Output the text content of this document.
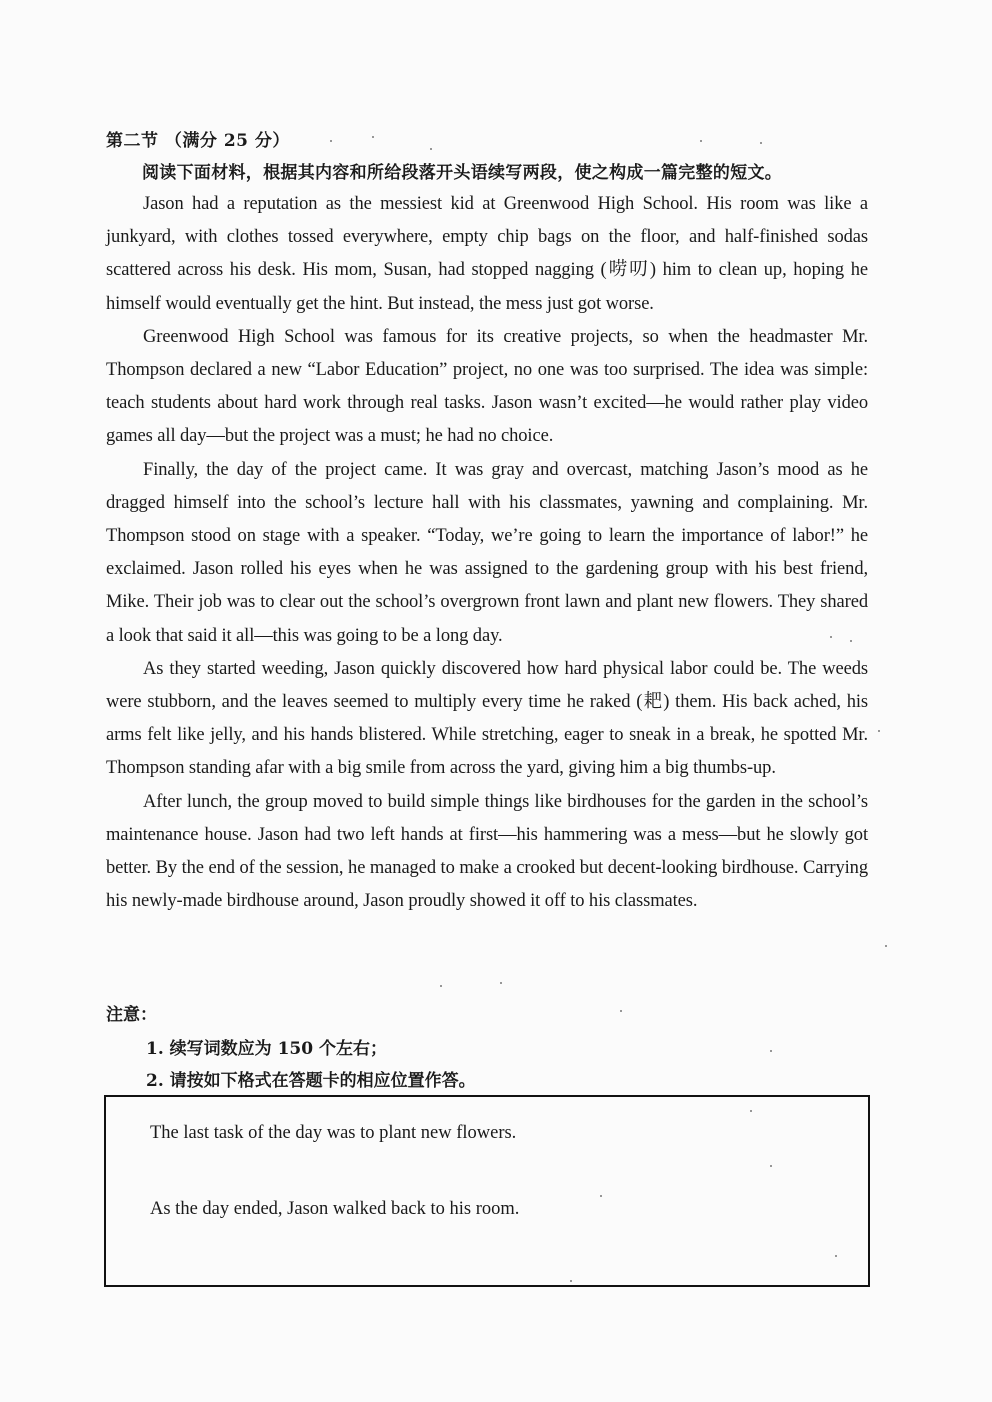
第二节 （满分 25 分）
阅读下面材料，根据其内容和所给段落开头语续写两段，使之构成一篇完整的短文。

Jason had a reputation as the messiest kid at Greenwood High School. His room was like a junkyard, with clothes tossed everywhere, empty chip bags on the floor, and half-finished sodas scattered across his desk. His mom, Susan, had stopped nagging (唠叨) him to clean up, hoping he himself would eventually get the hint. But instead, the mess just got worse.

Greenwood High School was famous for its creative projects, so when the headmaster Mr. Thompson declared a new “Labor Education” project, no one was too surprised. The idea was simple: teach students about hard work through real tasks. Jason wasn’t excited—he would rather play video games all day—but the project was a must; he had no choice.

Finally, the day of the project came. It was gray and overcast, matching Jason’s mood as he dragged himself into the school’s lecture hall with his classmates, yawning and complaining. Mr. Thompson stood on stage with a speaker. “Today, we’re going to learn the importance of labor!” he exclaimed. Jason rolled his eyes when he was assigned to the gardening group with his best friend, Mike. Their job was to clear out the school’s overgrown front lawn and plant new flowers. They shared a look that said it all—this was going to be a long day.

As they started weeding, Jason quickly discovered how hard physical labor could be. The weeds were stubborn, and the leaves seemed to multiply every time he raked (耙) them. His back ached, his arms felt like jelly, and his hands blistered. While stretching, eager to sneak in a break, he spotted Mr. Thompson standing afar with a big smile from across the yard, giving him a big thumbs-up.

After lunch, the group moved to build simple things like birdhouses for the garden in the school’s maintenance house. Jason had two left hands at first—his hammering was a mess—but he slowly got better. By the end of the session, he managed to make a crooked but decent-looking birdhouse. Carrying his newly-made birdhouse around, Jason proudly showed it off to his classmates.

注意：
1. 续写词数应为 150 个左右；
2. 请按如下格式在答题卡的相应位置作答。
The last task of the day was to plant new flowers.
As the day ended, Jason walked back to his room.
